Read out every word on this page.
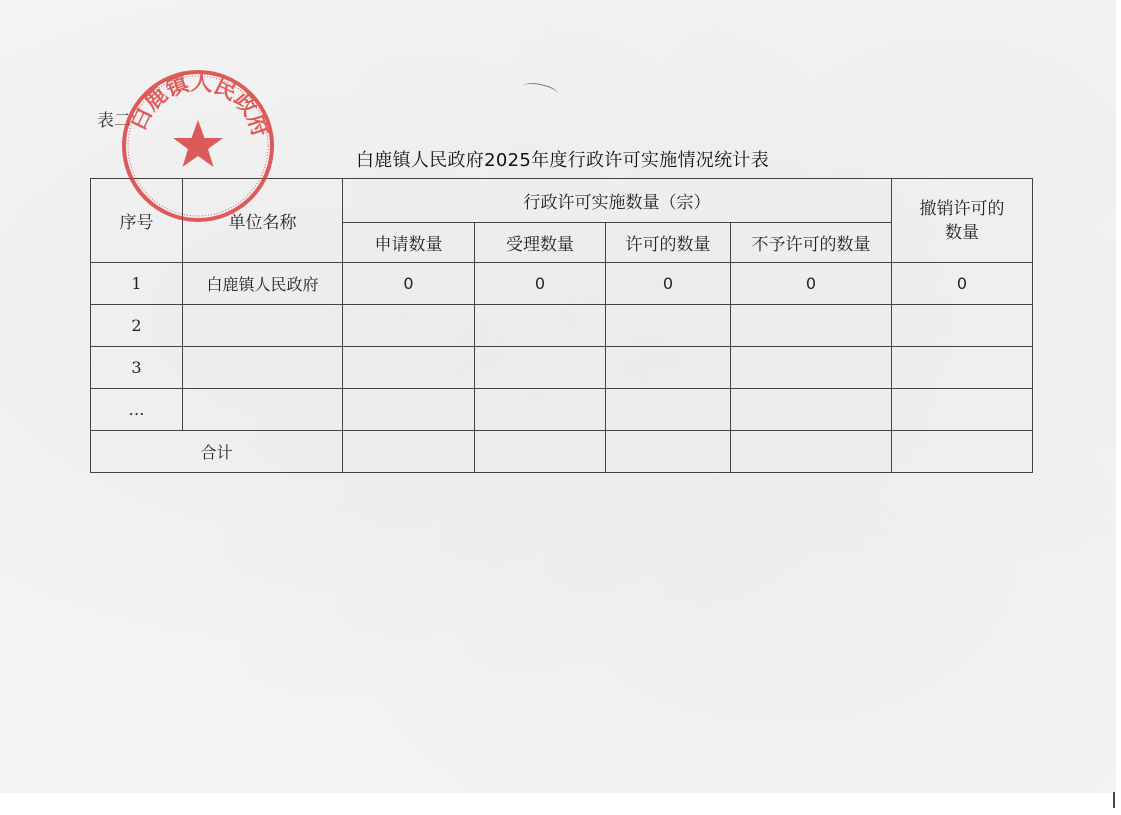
表二
白鹿镇人民政府2025年度行政许可实施情况统计表
序号	单位名称	行政许可实施数量（宗）				撤销许可的数量
		申请数量	受理数量	许可的数量	不予许可的数量	
1	白鹿镇人民政府	0	0	0	0	0
2						
3						
…						
合计						
白鹿镇人民政府
